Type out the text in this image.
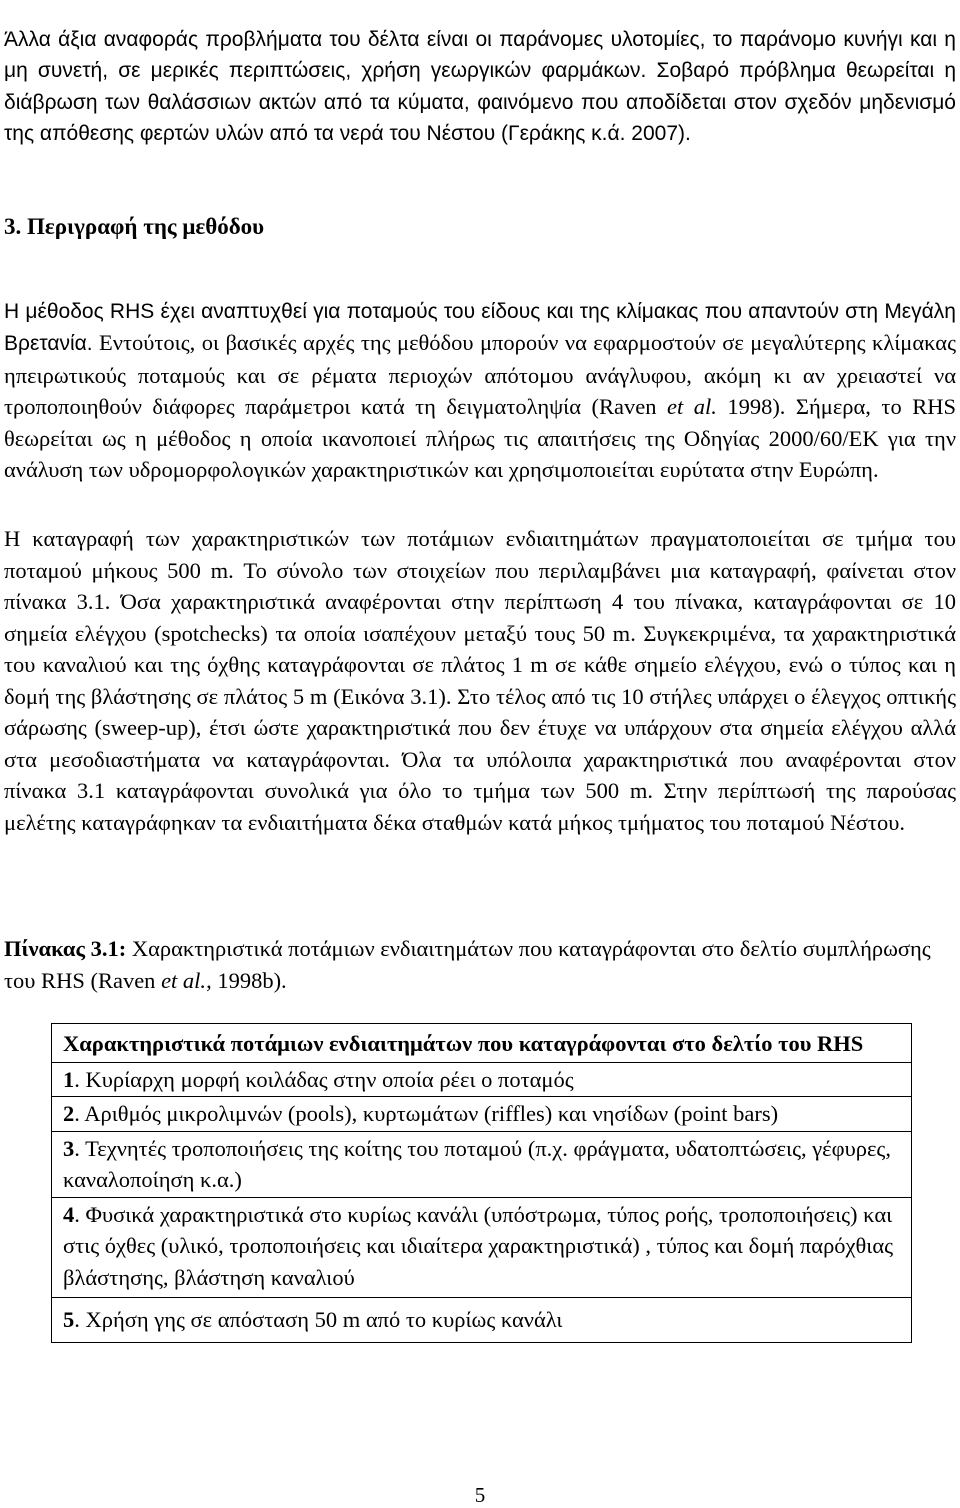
Άλλα άξια αναφοράς προβλήματα του δέλτα είναι οι παράνομες υλοτομίες, το παράνομο κυνήγι και η μη συνετή, σε μερικές περιπτώσεις, χρήση γεωργικών φαρμάκων. Σοβαρό πρόβλημα θεωρείται η διάβρωση των θαλάσσιων ακτών από τα κύματα, φαινόμενο που αποδίδεται στον σχεδόν μηδενισμό της απόθεσης φερτών υλών από τα νερά του Νέστου (Γεράκης κ.ά. 2007).

3. Περιγραφή της μεθόδου

Η μέθοδος RHS έχει αναπτυχθεί για ποταμούς του είδους και της κλίμακας που απαντούν στη Μεγάλη Βρετανία. Εντούτοις, οι βασικές αρχές της μεθόδου μπορούν να εφαρμοστούν σε μεγαλύτερης κλίμακας ηπειρωτικούς ποταμούς και σε ρέματα περιοχών απότομου ανάγλυφου, ακόμη κι αν χρειαστεί να τροποποιηθούν διάφορες παράμετροι κατά τη δειγματοληψία (Raven et al. 1998). Σήμερα, το RHS θεωρείται ως η μέθοδος η οποία ικανοποιεί πλήρως τις απαιτήσεις της Οδηγίας 2000/60/ΕΚ για την ανάλυση των υδρομορφολογικών χαρακτηριστικών και χρησιμοποιείται ευρύτατα στην Ευρώπη.

Η καταγραφή των χαρακτηριστικών των ποτάμιων ενδιαιτημάτων πραγματοποιείται σε τμήμα του ποταμού μήκους 500 m. Το σύνολο των στοιχείων που περιλαμβάνει μια καταγραφή, φαίνεται στον πίνακα 3.1. Όσα χαρακτηριστικά αναφέρονται στην περίπτωση 4 του πίνακα, καταγράφονται σε 10 σημεία ελέγχου (spotchecks) τα οποία ισαπέχουν μεταξύ τους 50 m. Συγκεκριμένα, τα χαρακτηριστικά του καναλιού και της όχθης καταγράφονται σε πλάτος 1 m σε κάθε σημείο ελέγχου, ενώ ο τύπος και η δομή της βλάστησης σε πλάτος 5 m (Εικόνα 3.1). Στο τέλος από τις 10 στήλες υπάρχει ο έλεγχος οπτικής σάρωσης (sweep-up), έτσι ώστε χαρακτηριστικά που δεν έτυχε να υπάρχουν στα σημεία ελέγχου αλλά στα μεσοδιαστήματα να καταγράφονται. Όλα τα υπόλοιπα χαρακτηριστικά που αναφέρονται στον πίνακα 3.1 καταγράφονται συνολικά για όλο το τμήμα των 500 m. Στην περίπτωσή της παρούσας μελέτης καταγράφηκαν τα ενδιαιτήματα δέκα σταθμών κατά μήκος τμήματος του ποταμού Νέστου.

Πίνακας 3.1: Χαρακτηριστικά ποτάμιων ενδιαιτημάτων που καταγράφονται στο δελτίο συμπλήρωσης του RHS (Raven et al., 1998b).

Χαρακτηριστικά ποτάμιων ενδιαιτημάτων που καταγράφονται στο δελτίο του RHS
1. Κυρίαρχη μορφή κοιλάδας στην οποία ρέει ο ποταμός
2. Αριθμός μικρολιμνών (pools), κυρτωμάτων (riffles) και νησίδων (point bars)
3. Τεχνητές τροποποιήσεις της κοίτης του ποταμού (π.χ. φράγματα, υδατοπτώσεις, γέφυρες, καναλοποίηση κ.α.)
4. Φυσικά χαρακτηριστικά στο κυρίως κανάλι (υπόστρωμα, τύπος ροής, τροποποιήσεις) και στις όχθες (υλικό, τροποποιήσεις και ιδιαίτερα χαρακτηριστικά) , τύπος και δομή παρόχθιας βλάστησης, βλάστηση καναλιού
5. Χρήση γης σε απόσταση 50 m από το κυρίως κανάλι

5
